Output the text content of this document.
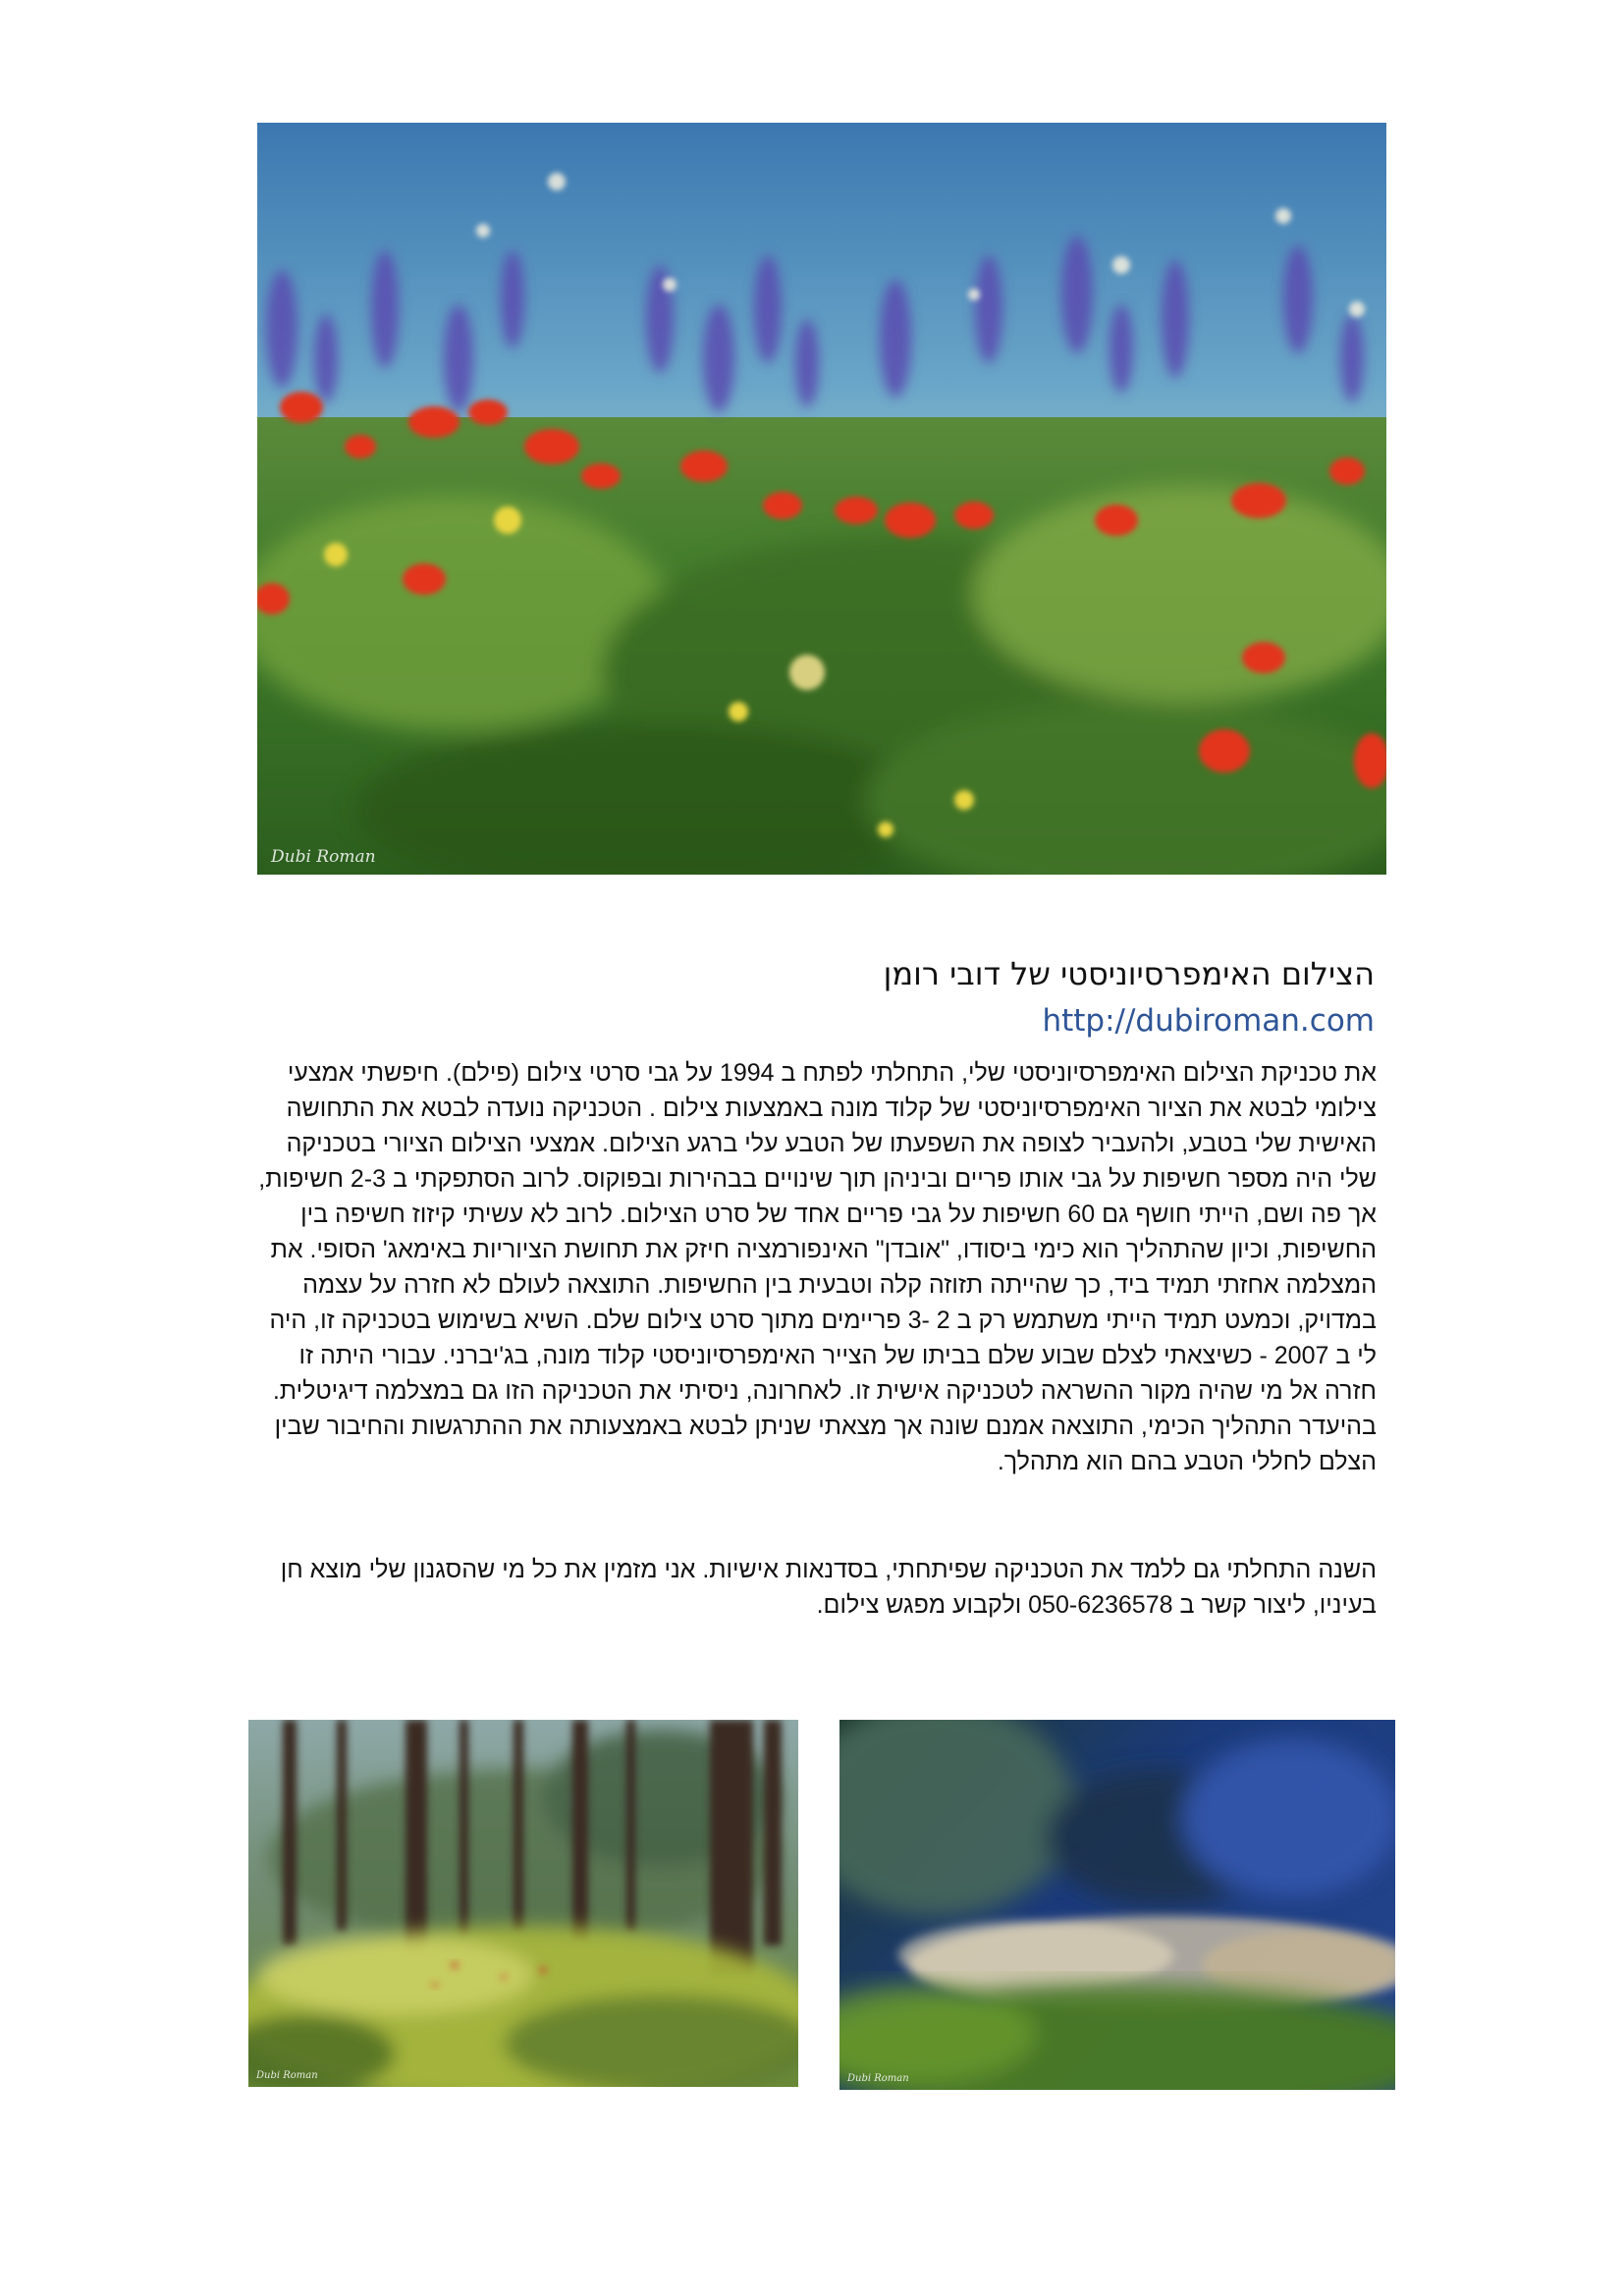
Dubi Roman
הצילום האימפרסיוניסטי של דובי רומן
http://dubiroman.com

את טכניקת הצילום האימפרסיוניסטי שלי, התחלתי לפתח ב 1994 על גבי סרטי צילום (פילם). חיפשתי אמצעי צילומי לבטא את הציור האימפרסיוניסטי של קלוד מונה באמצעות צילום . הטכניקה נועדה לבטא את התחושה האישית שלי בטבע, ולהעביר לצופה את השפעתו של הטבע עלי ברגע הצילום. אמצעי הצילום הציורי בטכניקה שלי היה מספר חשיפות על גבי אותו פריים וביניהן תוך שינויים בבהירות ובפוקוס. לרוב הסתפקתי ב 2-3 חשיפות, אך פה ושם, הייתי חושף גם 60 חשיפות על גבי פריים אחד של סרט הצילום. לרוב לא עשיתי קיזוז חשיפה בין החשיפות, וכיון שהתהליך הוא כימי ביסודו, "אובדן" האינפורמציה חיזק את תחושת הציוריות באימאג' הסופי. את המצלמה אחזתי תמיד ביד, כך שהייתה תזוזה קלה וטבעית בין החשיפות. התוצאה לעולם לא חזרה על עצמה במדויק, וכמעט תמיד הייתי משתמש רק ב 2 -3 פריימים מתוך סרט צילום שלם. השיא בשימוש בטכניקה זו, היה לי ב 2007 - כשיצאתי לצלם שבוע שלם בביתו של הצייר האימפרסיוניסטי קלוד מונה, בג'יברני. עבורי היתה זו חזרה אל מי שהיה מקור ההשראה לטכניקה אישית זו. לאחרונה, ניסיתי את הטכניקה הזו גם במצלמה דיגיטלית. בהיעדר התהליך הכימי, התוצאה אמנם שונה אך מצאתי שניתן לבטא באמצעותה את ההתרגשות והחיבור שבין הצלם לחללי הטבע בהם הוא מתהלך.

השנה התחלתי גם ללמד את הטכניקה שפיתחתי, בסדנאות אישיות. אני מזמין את כל מי שהסגנון שלי מוצא חן בעיניו, ליצור קשר ב 050-6236578 ולקבוע מפגש צילום.

Dubi Roman	Dubi Roman
